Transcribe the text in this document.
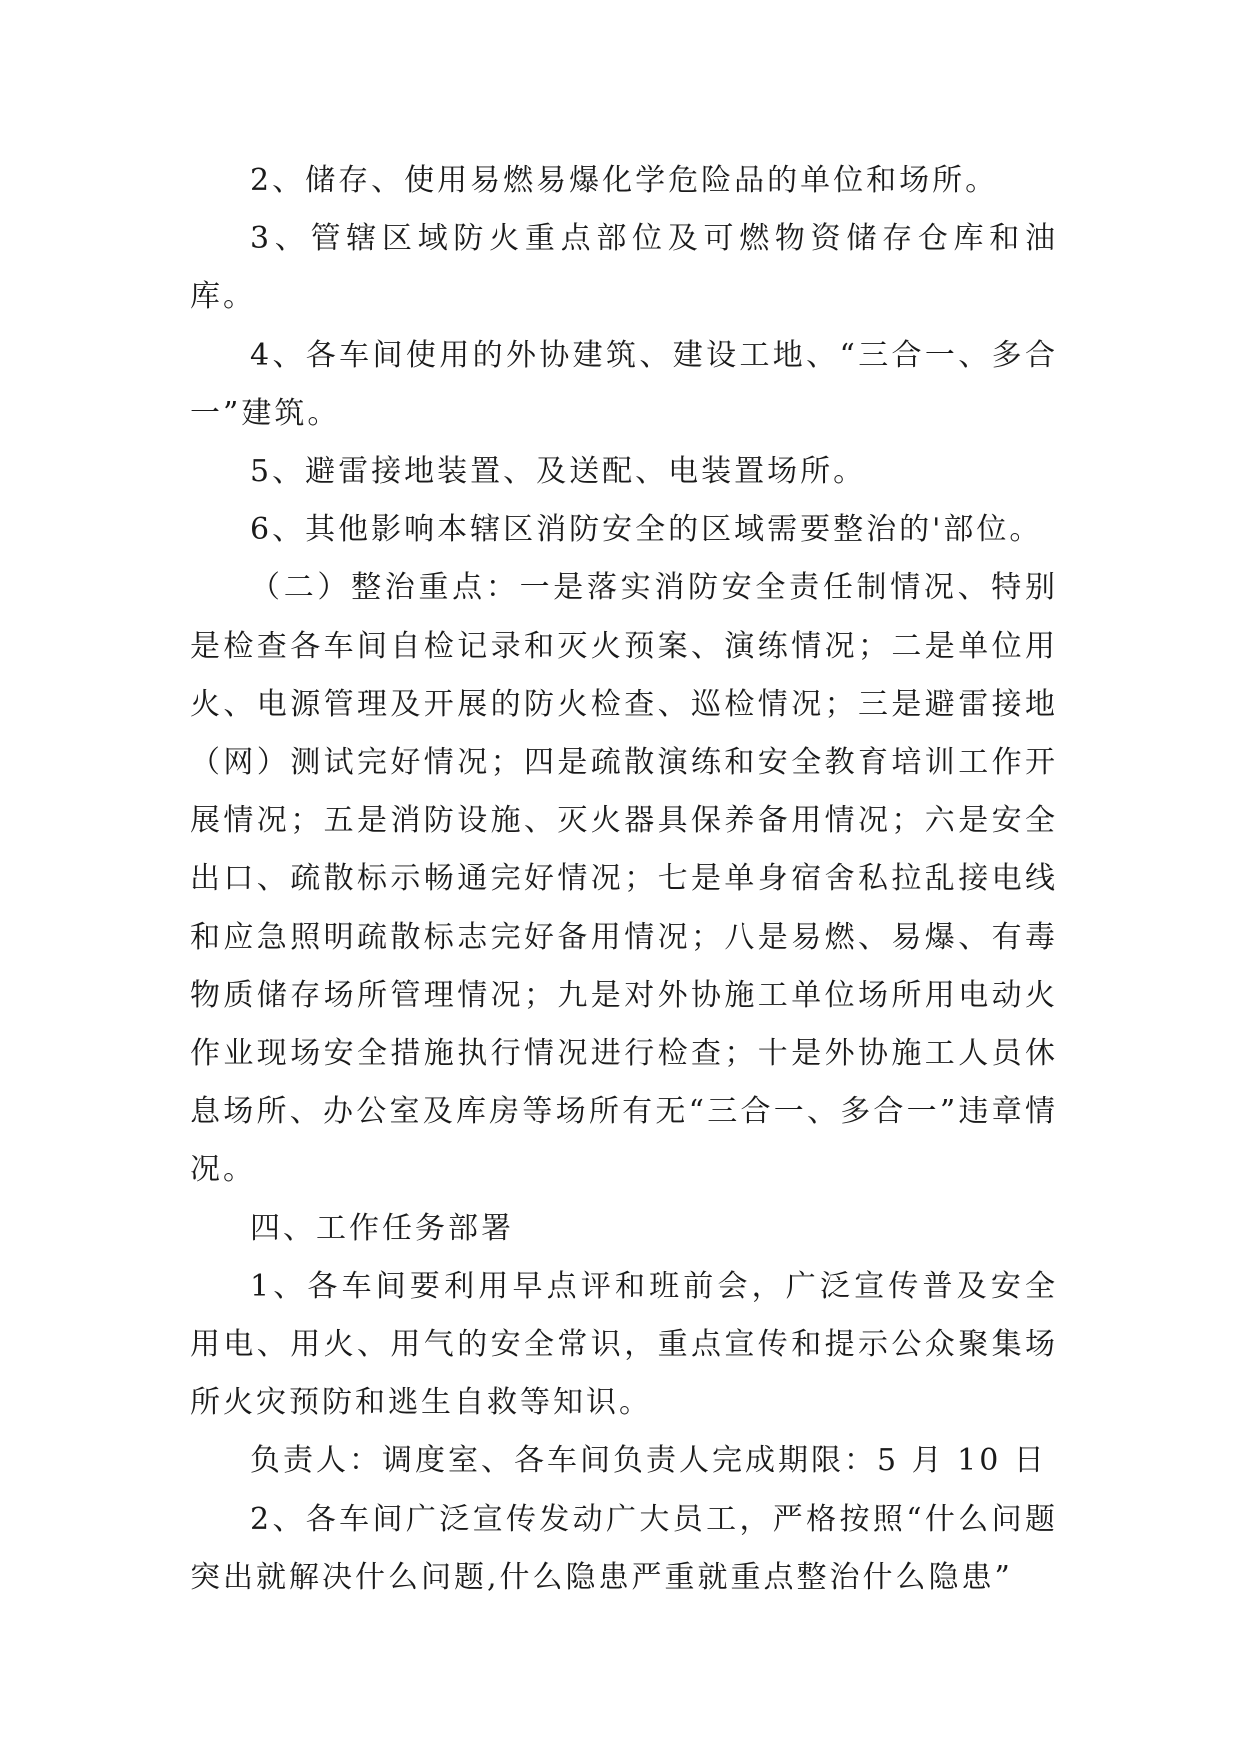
2、储存、使用易燃易爆化学危险品的单位和场所。

3、管辖区域防火重点部位及可燃物资储存仓库和油库。

4、各车间使用的外协建筑、建设工地、“三合一、多合一”建筑。

5、避雷接地装置、及送配、电装置场所。

6、其他影响本辖区消防安全的区域需要整治的'部位。

（二）整治重点：一是落实消防安全责任制情况、特别是检查各车间自检记录和灭火预案、演练情况；二是单位用火、电源管理及开展的防火检查、巡检情况；三是避雷接地（网）测试完好情况；四是疏散演练和安全教育培训工作开展情况；五是消防设施、灭火器具保养备用情况；六是安全出口、疏散标示畅通完好情况；七是单身宿舍私拉乱接电线和应急照明疏散标志完好备用情况；八是易燃、易爆、有毒物质储存场所管理情况；九是对外协施工单位场所用电动火作业现场安全措施执行情况进行检查；十是外协施工人员休息场所、办公室及库房等场所有无“三合一、多合一”违章情况。

四、工作任务部署

1、各车间要利用早点评和班前会，广泛宣传普及安全用电、用火、用气的安全常识，重点宣传和提示公众聚集场所火灾预防和逃生自救等知识。

负责人：调度室、各车间负责人完成期限：5 月 10 日

2、各车间广泛宣传发动广大员工，严格按照“什么问题突出就解决什么问题,什么隐患严重就重点整治什么隐患”
